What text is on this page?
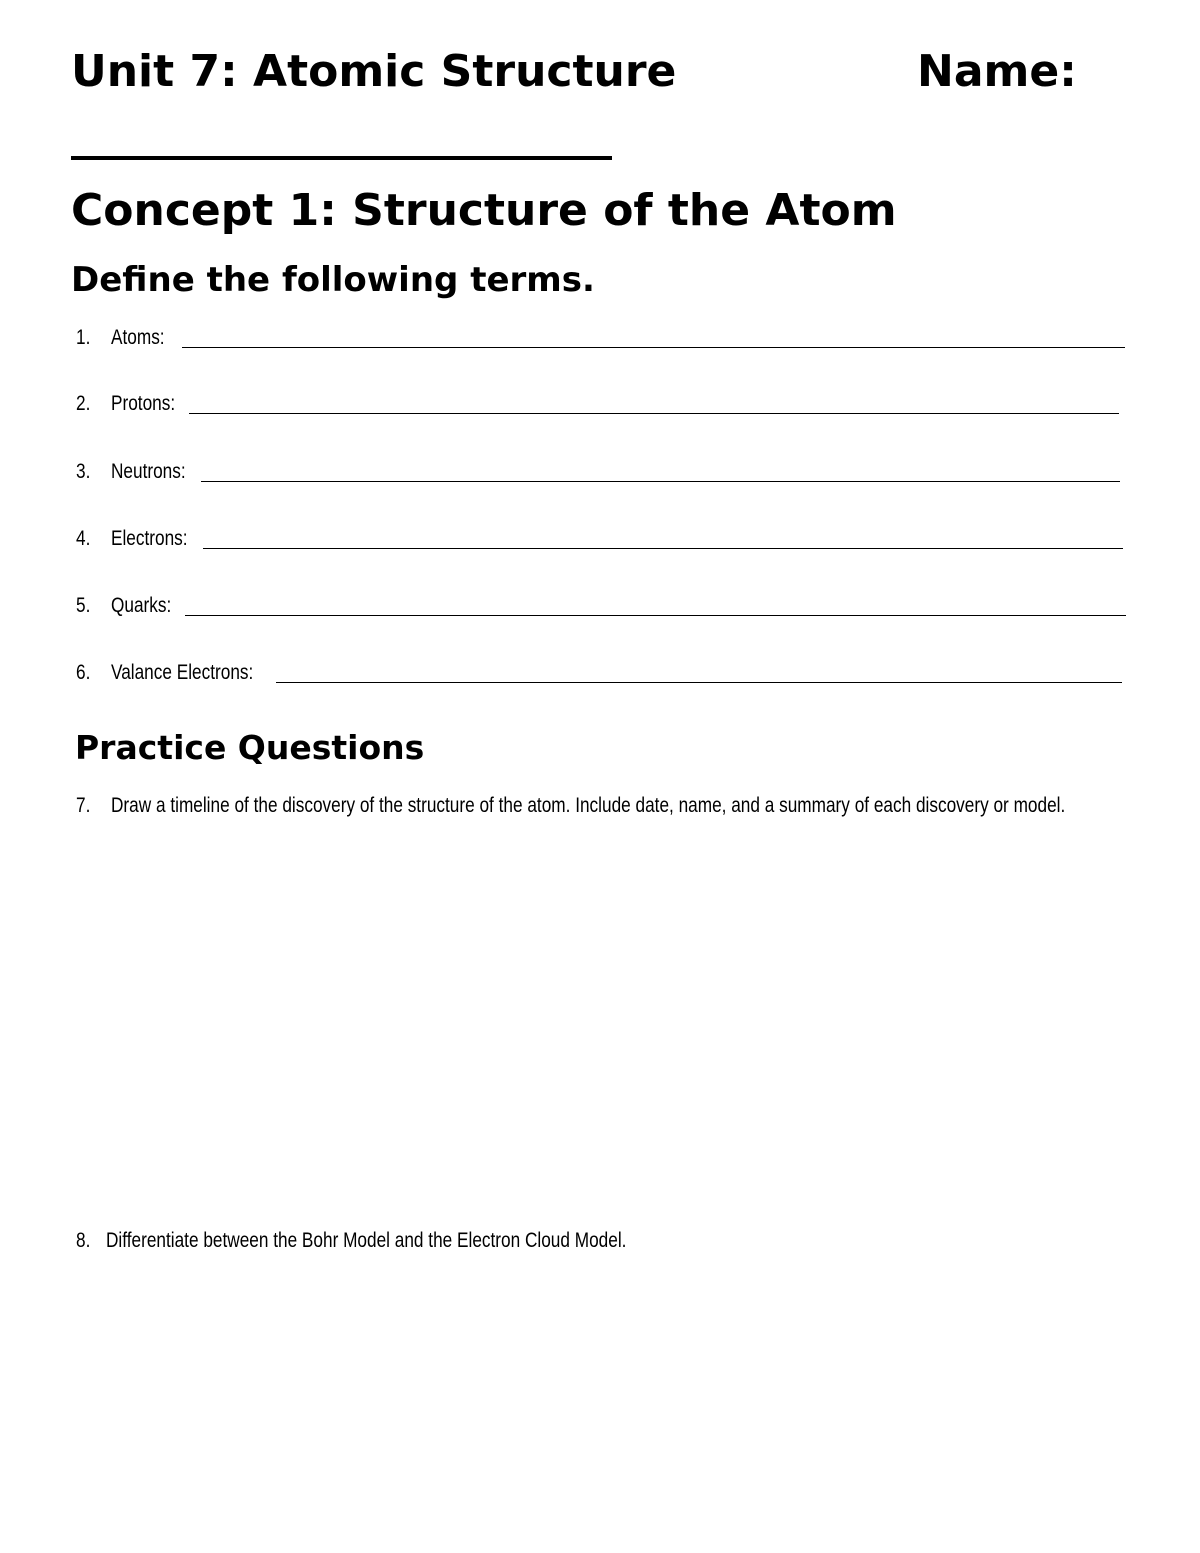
Unit 7: Atomic Structure	Name:
Concept 1: Structure of the Atom
Define the following terms.
1. Atoms:
2. Protons:
3. Neutrons:
4. Electrons:
5. Quarks:
6. Valance Electrons:
Practice Questions
7. Draw a timeline of the discovery of the structure of the atom. Include date, name, and a summary of each discovery or model.
8. Differentiate between the Bohr Model and the Electron Cloud Model.
